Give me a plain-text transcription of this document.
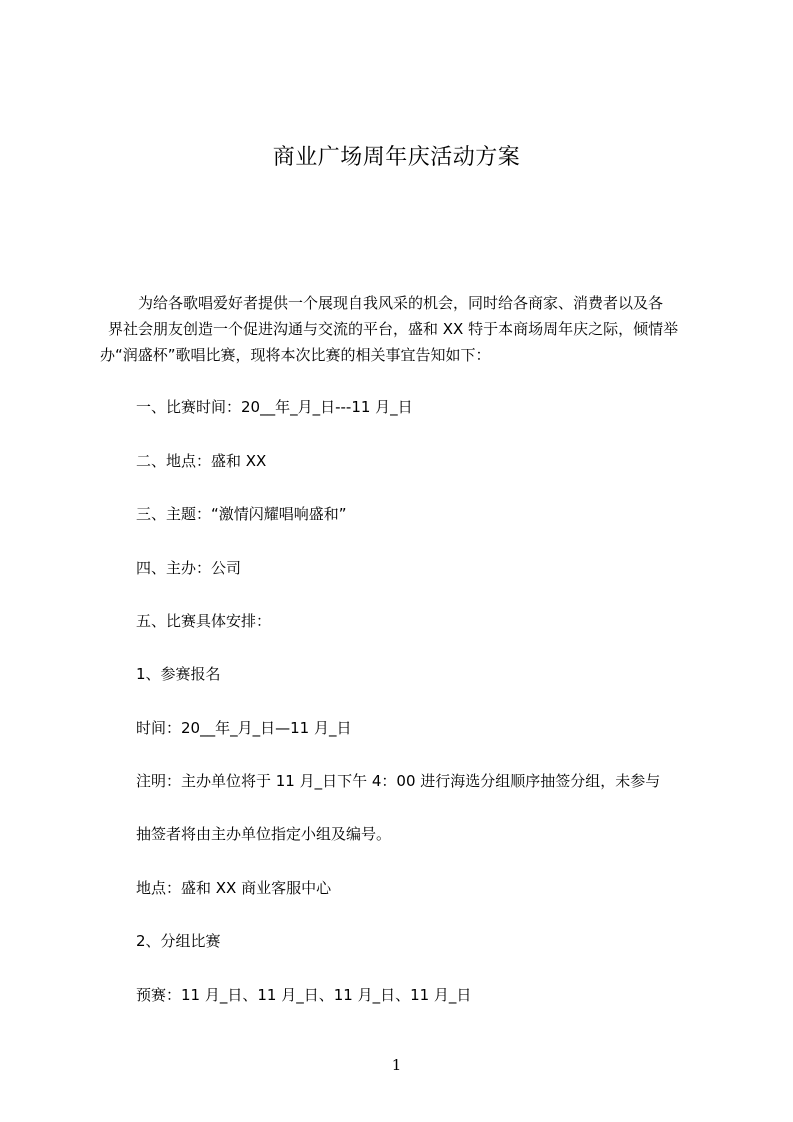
商业广场周年庆活动方案
为给各歌唱爱好者提供一个展现自我风采的机会，同时给各商家、消费者以及各
界社会朋友创造一个促进沟通与交流的平台，盛和 XX 特于本商场周年庆之际，倾情举
办“润盛杯”歌唱比赛，现将本次比赛的相关事宜告知如下：
一、比赛时间：20__年_月_日---11 月_日
二、地点：盛和 XX
三、主题：“激情闪耀唱响盛和”
四、主办：公司
五、比赛具体安排：
1、参赛报名
时间：20__年_月_日—11 月_日
注明：主办单位将于 11 月_日下午 4：00 进行海选分组顺序抽签分组，未参与
抽签者将由主办单位指定小组及编号。
地点：盛和 XX 商业客服中心
2、分组比赛
预赛：11 月_日、11 月_日、11 月_日、11 月_日
1
